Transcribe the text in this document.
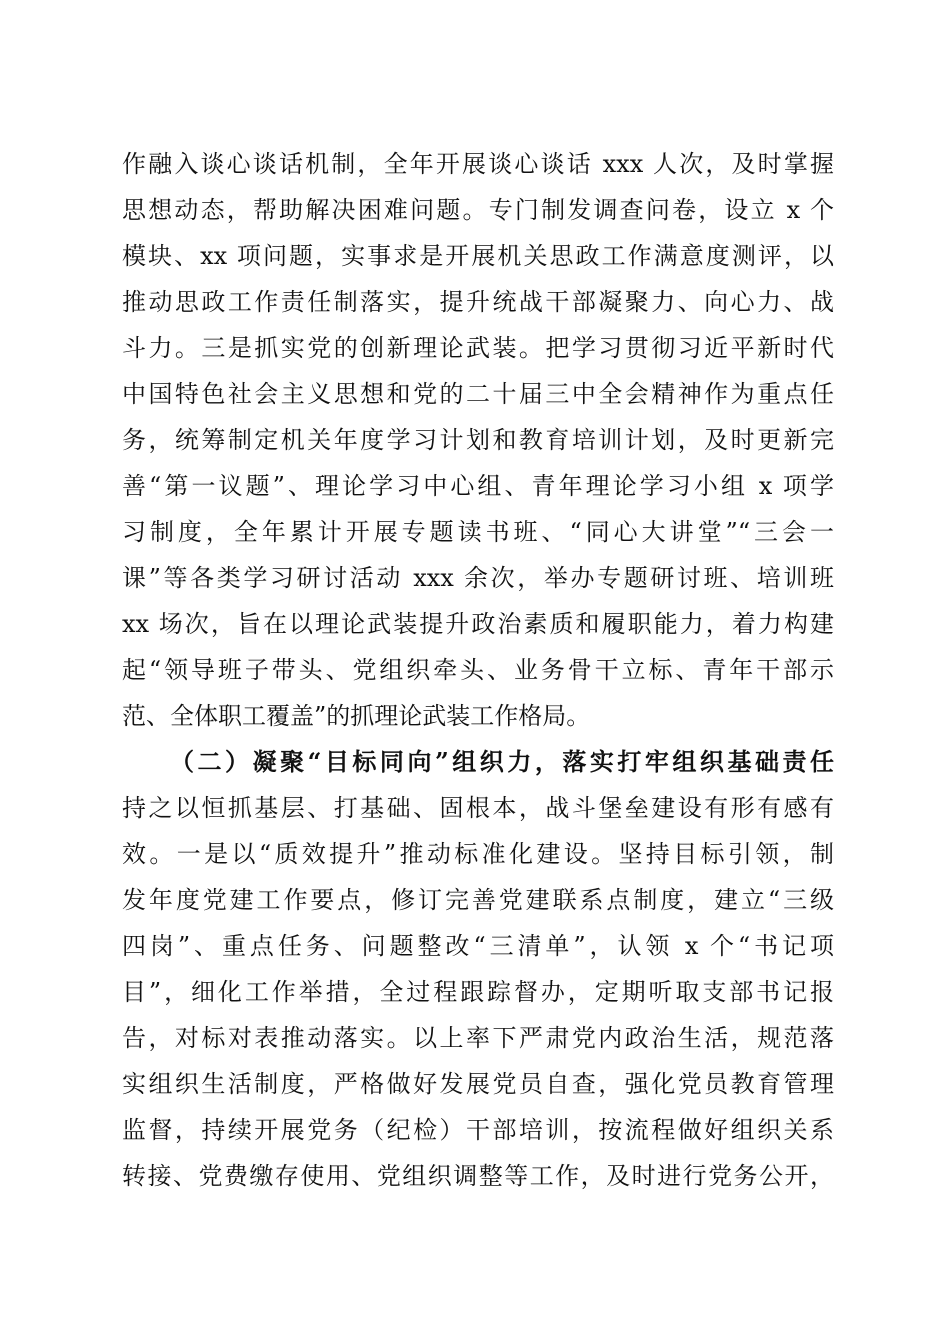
作融入谈心谈话机制，全年开展谈心谈话 xxx 人次，及时掌握
思想动态，帮助解决困难问题。专门制发调查问卷，设立 x 个
模块、xx 项问题，实事求是开展机关思政工作满意度测评，以
推动思政工作责任制落实，提升统战干部凝聚力、向心力、战
斗力。三是抓实党的创新理论武装。把学习贯彻习近平新时代
中国特色社会主义思想和党的二十届三中全会精神作为重点任
务，统筹制定机关年度学习计划和教育培训计划，及时更新完
善“第一议题”、理论学习中心组、青年理论学习小组 x 项学
习制度，全年累计开展专题读书班、“同心大讲堂”“三会一
课”等各类学习研讨活动 xxx 余次，举办专题研讨班、培训班
xx 场次，旨在以理论武装提升政治素质和履职能力，着力构建
起“领导班子带头、党组织牵头、业务骨干立标、青年干部示
范、全体职工覆盖”的抓理论武装工作格局。
（二）凝聚“目标同向”组织力，落实打牢组织基础责任
持之以恒抓基层、打基础、固根本，战斗堡垒建设有形有感有
效。一是以“质效提升”推动标准化建设。坚持目标引领，制
发年度党建工作要点，修订完善党建联系点制度，建立“三级
四岗”、重点任务、问题整改“三清单”，认领 x 个“书记项
目”，细化工作举措，全过程跟踪督办，定期听取支部书记报
告，对标对表推动落实。以上率下严肃党内政治生活，规范落
实组织生活制度，严格做好发展党员自查，强化党员教育管理
监督，持续开展党务（纪检）干部培训，按流程做好组织关系
转接、党费缴存使用、党组织调整等工作，及时进行党务公开，
